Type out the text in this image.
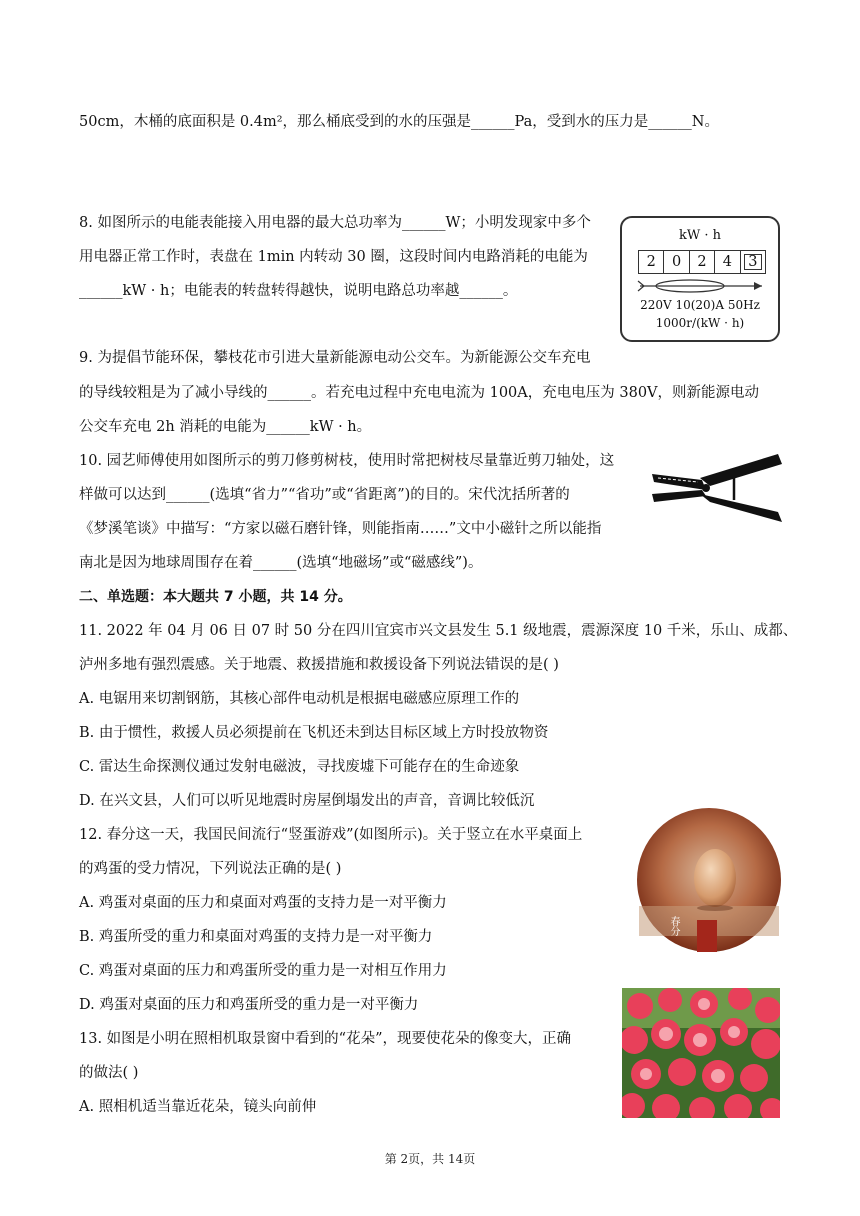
50cm，木桶的底面积是 0.4m²，那么桶底受到的水的压强是______Pa，受到水的压力是______N。
8. 如图所示的电能表能接入用电器的最大总功率为______W；小明发现家中多个
用电器正常工作时，表盘在 1min 内转动 30 圈，这段时间内电路消耗的电能为
______kW · h；电能表的转盘转得越快，说明电路总功率越______。
9. 为提倡节能环保，攀枝花市引进大量新能源电动公交车。为新能源公交车充电
的导线较粗是为了减小导线的______。若充电过程中充电电流为 100A，充电电压为 380V，则新能源电动
公交车充电 2h 消耗的电能为______kW · h。
10. 园艺师傅使用如图所示的剪刀修剪树枝，使用时常把树枝尽量靠近剪刀轴处，这
样做可以达到______(选填“省力”“省功”或“省距离”)的目的。宋代沈括所著的
《梦溪笔谈》中描写：“方家以磁石磨针锋，则能指南……”文中小磁针之所以能指
南北是因为地球周围存在着______(选填“地磁场”或“磁感线”)。
二、单选题：本大题共 7 小题，共 14 分。
11. 2022 年 04 月 06 日 07 时 50 分在四川宜宾市兴文县发生 5.1 级地震，震源深度 10 千米，乐山、成都、
泸州多地有强烈震感。关于地震、救援措施和救援设备下列说法错误的是( )
A. 电锯用来切割钢筋，其核心部件电动机是根据电磁感应原理工作的
B. 由于惯性，救援人员必须提前在飞机还未到达目标区域上方时投放物资
C. 雷达生命探测仪通过发射电磁波，寻找废墟下可能存在的生命迹象
D. 在兴文县，人们可以听见地震时房屋倒塌发出的声音，音调比较低沉
12. 春分这一天，我国民间流行“竖蛋游戏”(如图所示)。关于竖立在水平桌面上
的鸡蛋的受力情况，下列说法正确的是( )
A. 鸡蛋对桌面的压力和桌面对鸡蛋的支持力是一对平衡力
B. 鸡蛋所受的重力和桌面对鸡蛋的支持力是一对平衡力
C. 鸡蛋对桌面的压力和鸡蛋所受的重力是一对相互作用力
D. 鸡蛋对桌面的压力和鸡蛋所受的重力是一对平衡力
13. 如图是小明在照相机取景窗中看到的“花朵”，现要使花朵的像变大，正确
的做法( )
A. 照相机适当靠近花朵，镜头向前伸
kW · h
2	0	2	4	3
220V 10(20)A 50Hz
1000r/(kW · h)
春分
第 2页，共 14页
